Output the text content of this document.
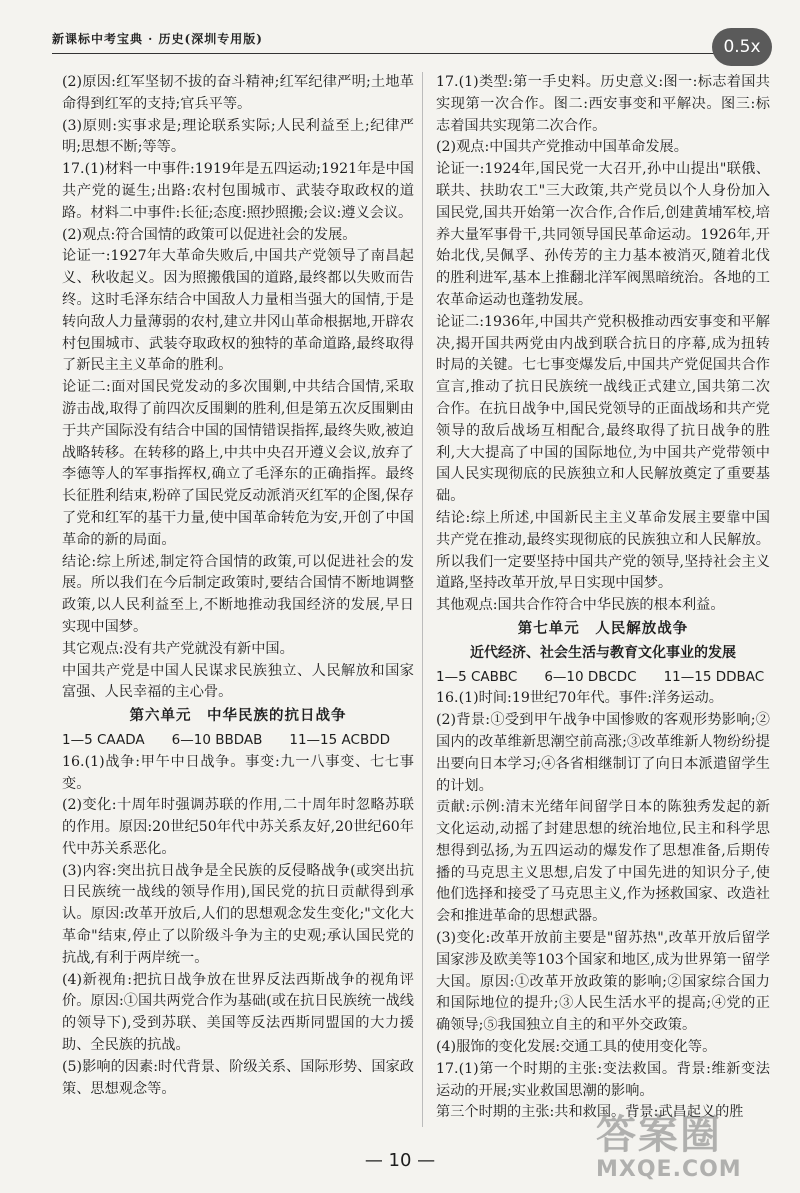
新课标中考宝典 · 历史(深圳专用版)	0.5x

(2)原因:红军坚韧不拔的奋斗精神;红军纪律严明;土地革命得到红军的支持;官兵平等。

(3)原则:实事求是;理论联系实际;人民利益至上;纪律严明;思想不断;等等。

17.(1)材料一中事件:1919年是五四运动;1921年是中国共产党的诞生;出路:农村包围城市、武装夺取政权的道路。材料二中事件:长征;态度:照抄照搬;会议:遵义会议。

(2)观点:符合国情的政策可以促进社会的发展。

论证一:1927年大革命失败后,中国共产党领导了南昌起义、秋收起义。因为照搬俄国的道路,最终都以失败而告终。这时毛泽东结合中国敌人力量相当强大的国情,于是转向敌人力量薄弱的农村,建立井冈山革命根据地,开辟农村包围城市、武装夺取政权的独特的革命道路,最终取得了新民主主义革命的胜利。

论证二:面对国民党发动的多次围剿,中共结合国情,采取游击战,取得了前四次反围剿的胜利,但是第五次反围剿由于共产国际没有结合中国的国情错误指挥,最终失败,被迫战略转移。在转移的路上,中共中央召开遵义会议,放弃了李德等人的军事指挥权,确立了毛泽东的正确指挥。最终长征胜利结束,粉碎了国民党反动派消灭红军的企图,保存了党和红军的基干力量,使中国革命转危为安,开创了中国革命的新的局面。

结论:综上所述,制定符合国情的政策,可以促进社会的发展。所以我们在今后制定政策时,要结合国情不断地调整政策,以人民利益至上,不断地推动我国经济的发展,早日实现中国梦。

其它观点:没有共产党就没有新中国。

中国共产党是中国人民谋求民族独立、人民解放和国家富强、人民幸福的主心骨。

第六单元　中华民族的抗日战争
1—5 CAADA　　6—10 BBDAB　　11—15 ACBDD

16.(1)战争:甲午中日战争。事变:九一八事变、七七事变。

(2)变化:十周年时强调苏联的作用,二十周年时忽略苏联的作用。原因:20世纪50年代中苏关系友好,20世纪60年代中苏关系恶化。

(3)内容:突出抗日战争是全民族的反侵略战争(或突出抗日民族统一战线的领导作用),国民党的抗日贡献得到承认。原因:改革开放后,人们的思想观念发生变化;"文化大革命"结束,停止了以阶级斗争为主的史观;承认国民党的抗战,有利于两岸统一。

(4)新视角:把抗日战争放在世界反法西斯战争的视角评价。原因:①国共两党合作为基础(或在抗日民族统一战线的领导下),受到苏联、美国等反法西斯同盟国的大力援助、全民族的抗战。

(5)影响的因素:时代背景、阶级关系、国际形势、国家政策、思想观念等。

17.(1)类型:第一手史料。历史意义:图一:标志着国共实现第一次合作。图二:西安事变和平解决。图三:标志着国共实现第二次合作。

(2)观点:中国共产党推动中国革命发展。

论证一:1924年,国民党一大召开,孙中山提出"联俄、联共、扶助农工"三大政策,共产党员以个人身份加入国民党,国共开始第一次合作,合作后,创建黄埔军校,培养大量军事骨干,共同领导国民革命运动。1926年,开始北伐,吴佩孚、孙传芳的主力基本被消灭,随着北伐的胜利进军,基本上推翻北洋军阀黑暗统治。各地的工农革命运动也蓬勃发展。

论证二:1936年,中国共产党积极推动西安事变和平解决,揭开国共两党由内战到联合抗日的序幕,成为扭转时局的关键。七七事变爆发后,中国共产党促国共合作宣言,推动了抗日民族统一战线正式建立,国共第二次合作。在抗日战争中,国民党领导的正面战场和共产党领导的敌后战场互相配合,最终取得了抗日战争的胜利,大大提高了中国的国际地位,为中国共产党带领中国人民实现彻底的民族独立和人民解放奠定了重要基础。

结论:综上所述,中国新民主主义革命发展主要靠中国共产党在推动,最终实现彻底的民族独立和人民解放。所以我们一定要坚持中国共产党的领导,坚持社会主义道路,坚持改革开放,早日实现中国梦。

其他观点:国共合作符合中华民族的根本利益。

第七单元　人民解放战争
近代经济、社会生活与教育文化事业的发展
1—5 CABBC　　6—10 DBCDC　　11—15 DDBAC

16.(1)时间:19世纪70年代。事件:洋务运动。

(2)背景:①受到甲午战争中国惨败的客观形势影响;②国内的改革维新思潮空前高涨;③改革维新人物纷纷提出要向日本学习;④各省相继制订了向日本派遣留学生的计划。

贡献:示例:清末光绪年间留学日本的陈独秀发起的新文化运动,动摇了封建思想的统治地位,民主和科学思想得到弘扬,为五四运动的爆发作了思想准备,后期传播的马克思主义思想,启发了中国先进的知识分子,使他们选择和接受了马克思主义,作为拯救国家、改造社会和推进革命的思想武器。

(3)变化:改革开放前主要是"留苏热",改革开放后留学国家涉及欧美等103个国家和地区,成为世界第一留学大国。原因:①改革开放政策的影响;②国家综合国力和国际地位的提升;③人民生活水平的提高;④党的正确领导;⑤我国独立自主的和平外交政策。

(4)服饰的变化发展:交通工具的使用变化等。

17.(1)第一个时期的主张:变法救国。背景:维新变法运动的开展;实业救国思潮的影响。

第三个时期的主张:共和救国。背景:武昌起义的胜

— 10 —
答案圈
MXQE.COM
